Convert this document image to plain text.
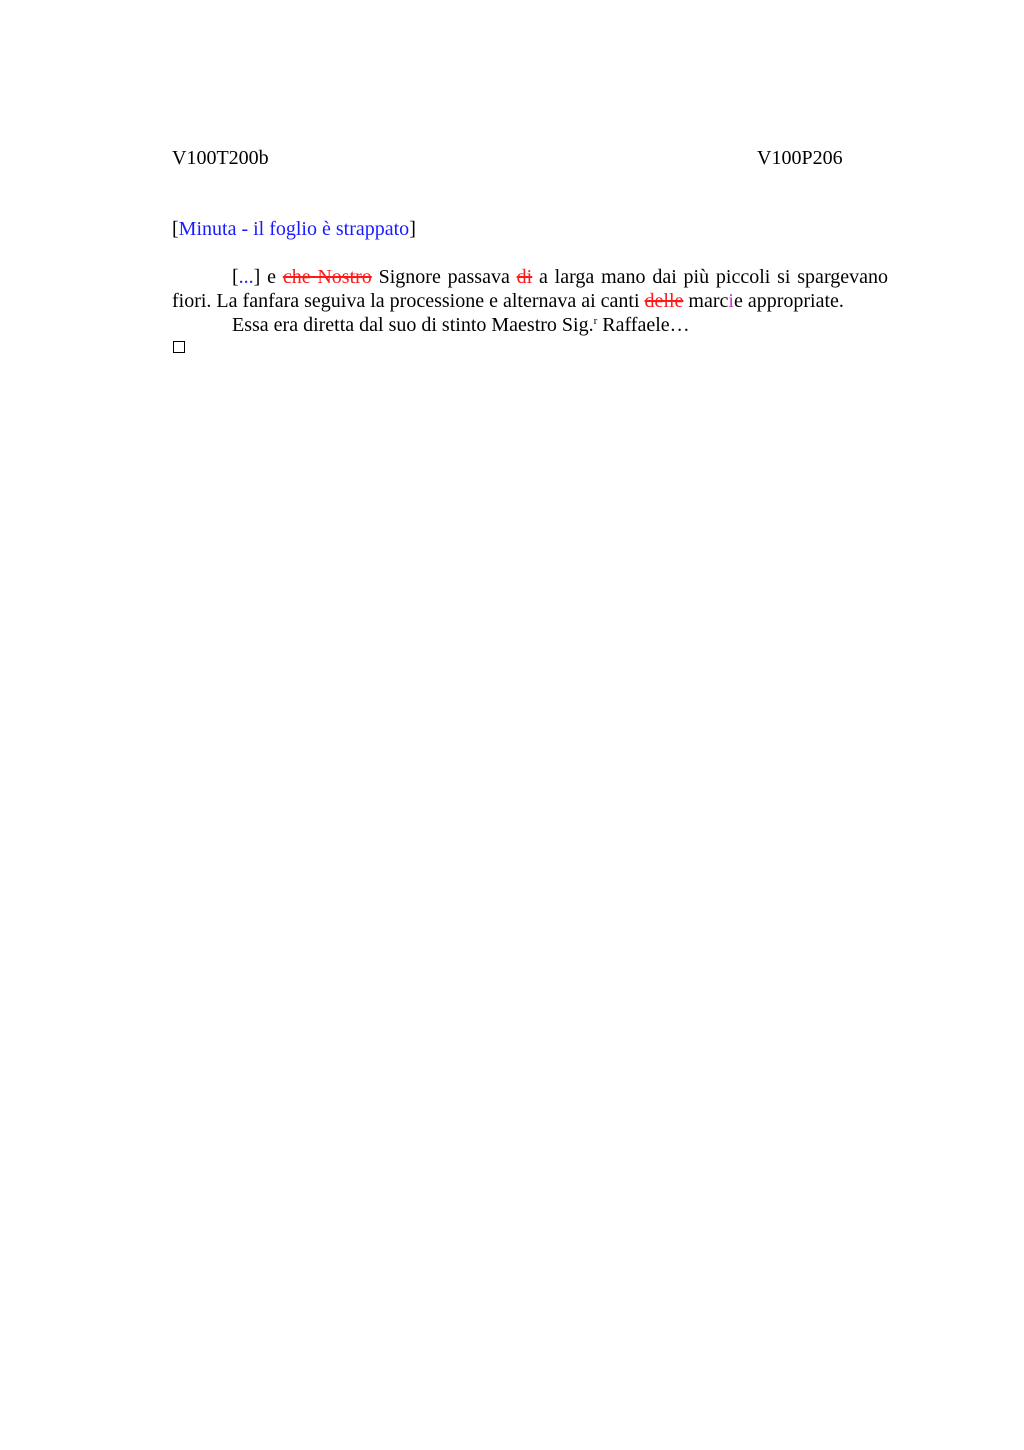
V100T200b	V100P206
[Minuta - il foglio è strappato]

[...] e che Nostro Signore passava di a larga mano dai più piccoli si spargevano fiori. La fanfara seguiva la processione e alternava ai canti delle marcie appropriate.

Essa era diretta dal suo di stinto Maestro Sig.$^r$ Raffaele…
